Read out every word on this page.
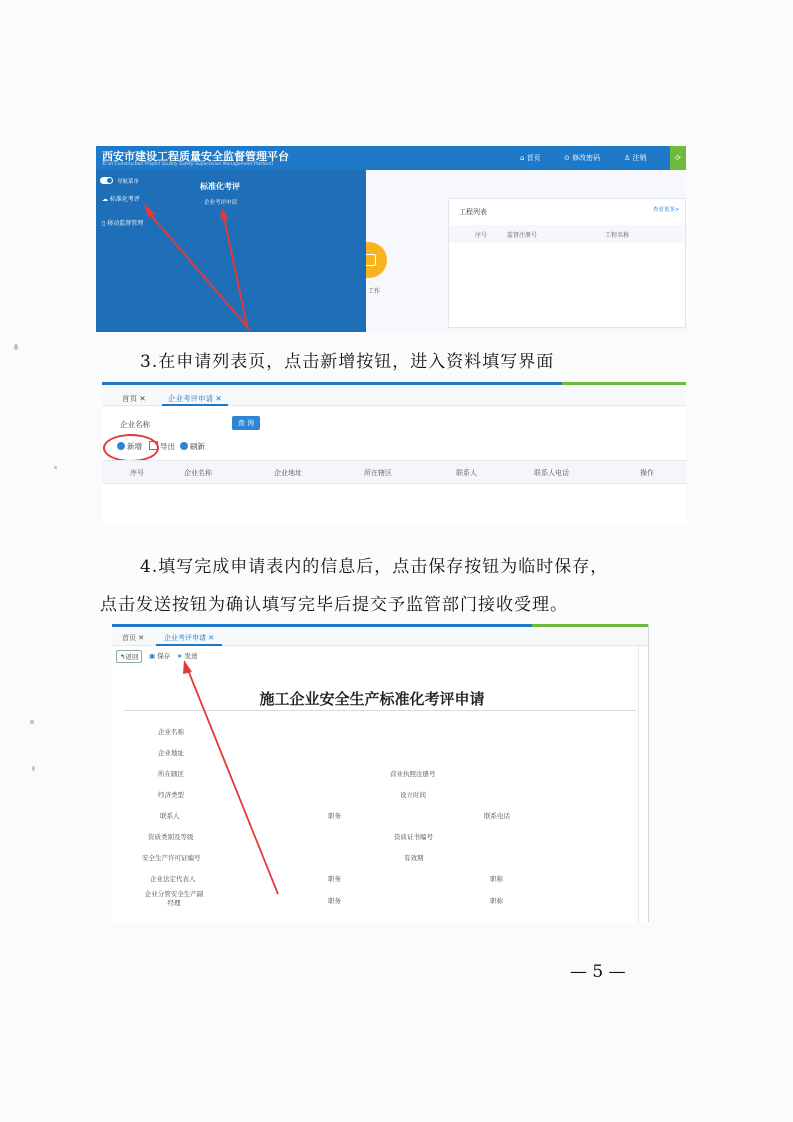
西安市建设工程质量安全监督管理平台
Xi'an Construction Project Quality Safety Supervision Management Platform
⌂ 首页	⊙ 修改密码	♙ 注销	⟳
工作
工程列表	查看更多>
序号	监督注册号	工程名称
导航菜单
☁ 标准化考评
▯ 移动监督管理
标准化考评
企业考评申请
3.在申请列表页，点击新增按钮，进入资料填写界面
首页 ✕	企业考评申请 ✕
企业名称	查 询
新增	导出	刷新
序号	企业名称	企业地址	所在辖区	联系人	联系人电话	操作
4.填写完成申请表内的信息后，点击保存按钮为临时保存，
点击发送按钮为确认填写完毕后提交予监管部门接收受理。
首页 ✕	企业考评申请 ✕
↰返回	▣ 保存	➤ 发送
施工企业安全生产标准化考评申请
企业名称
企业地址
所在辖区	营业执照注册号
经济类型	设立时间
联系人	职务	联系电话
资质类别及等级	资质证书编号
安全生产许可证编号	有效期
企业法定代表人	职务	职称
企业分管安全生产副经理	职务	职称
— 5 —
